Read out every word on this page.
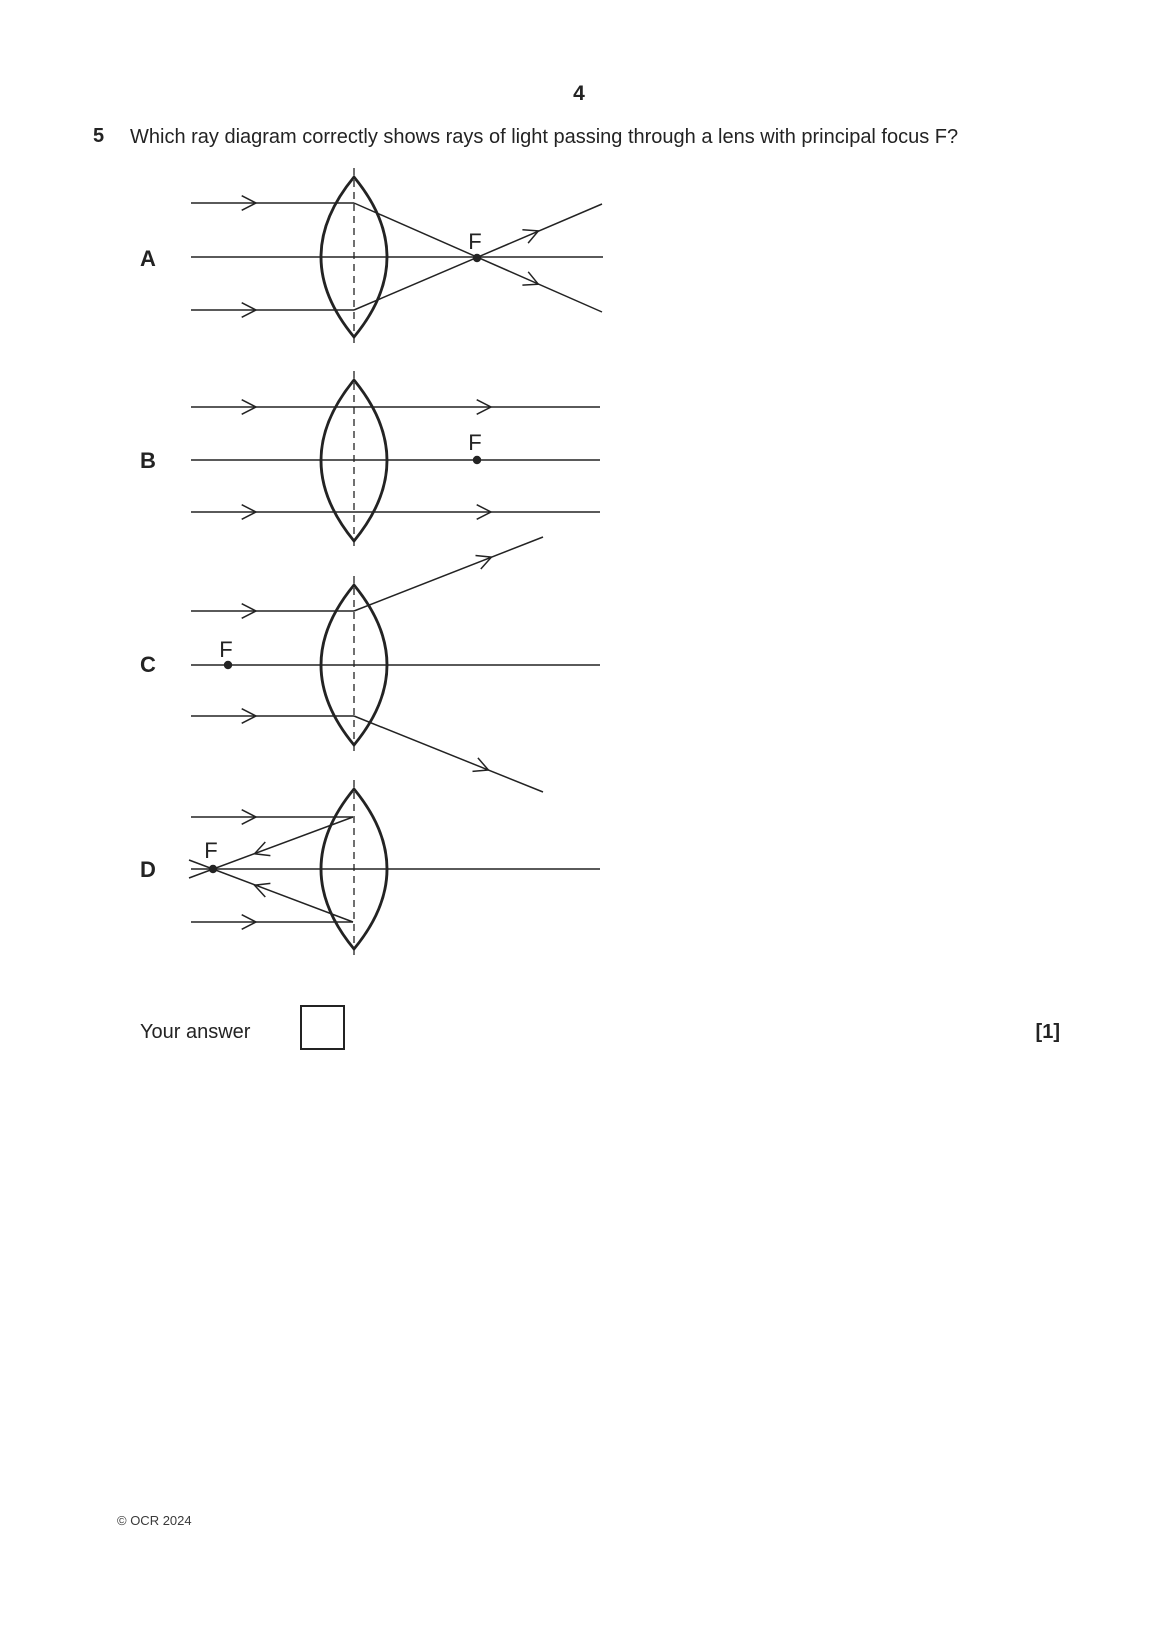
4
5 Which ray diagram correctly shows rays of light passing through a lens with principal focus F?
A
F
B
F
C
F
D
F
Your answer	[1]
© OCR 2024
